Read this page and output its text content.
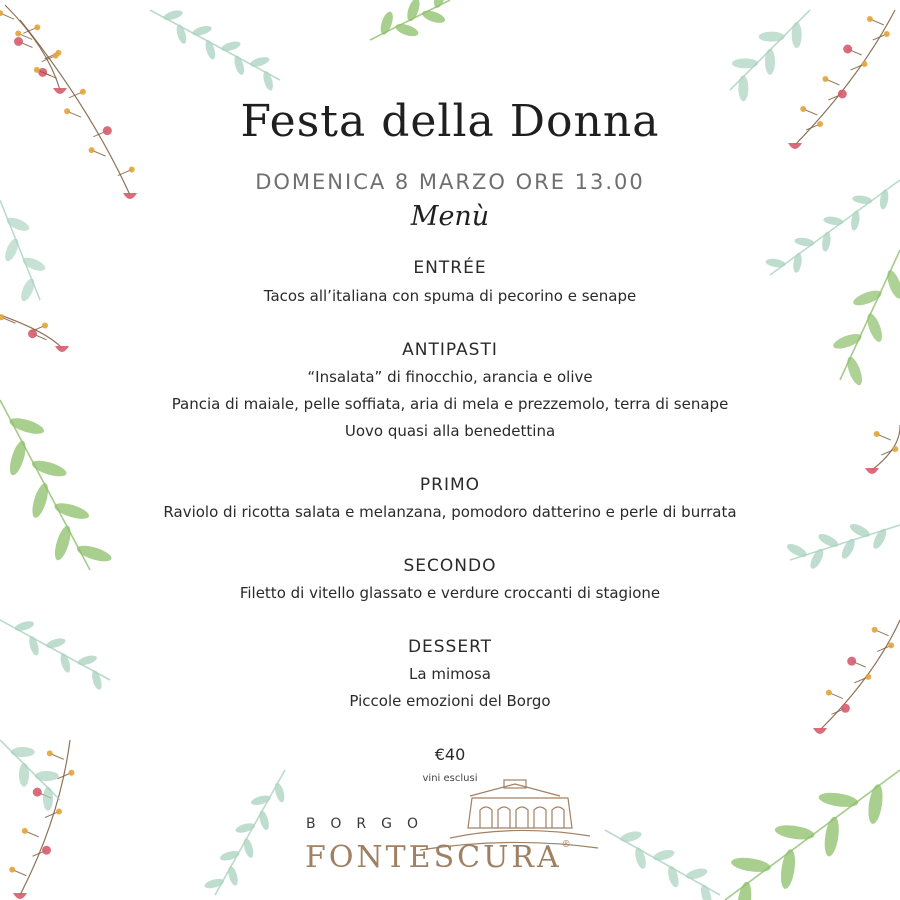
Festa della Donna
DOMENICA 8 MARZO ORE 13.00
Menù
ENTRÉE
Tacos all’italiana con spuma di pecorino e senape
ANTIPASTI
“Insalata” di finocchio, arancia e olive
Pancia di maiale, pelle soffiata, aria di mela e prezzemolo, terra di senape
Uovo quasi alla benedettina
PRIMO
Raviolo di ricotta salata e melanzana, pomodoro datterino e perle di burrata
SECONDO
Filetto di vitello glassato e verdure croccanti di stagione
DESSERT
La mimosa
Piccole emozioni del Borgo
€40
vini esclusi
BORGO
FONTESCURA®
